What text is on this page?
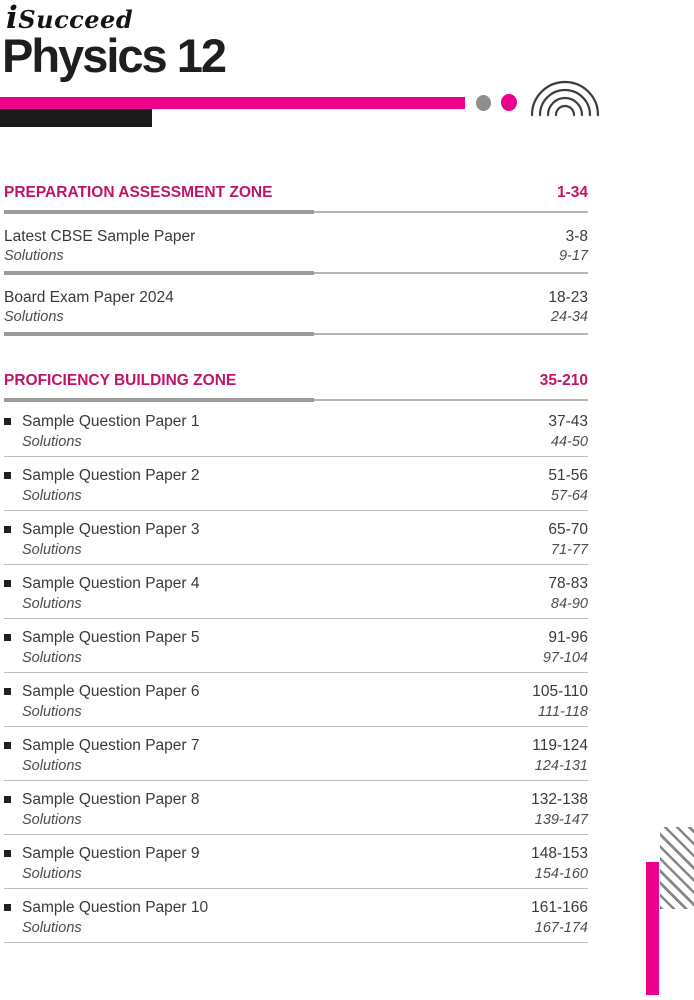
iSucceed
Physics 12
PREPARATION ASSESSMENT ZONE	1-34
Latest CBSE Sample Paper	3-8
Solutions	9-17
Board Exam Paper 2024	18-23
Solutions	24-34
PROFICIENCY BUILDING ZONE	35-210
Sample Question Paper 1	37-43
Solutions	44-50
Sample Question Paper 2	51-56
Solutions	57-64
Sample Question Paper 3	65-70
Solutions	71-77
Sample Question Paper 4	78-83
Solutions	84-90
Sample Question Paper 5	91-96
Solutions	97-104
Sample Question Paper 6	105-110
Solutions	111-118
Sample Question Paper 7	119-124
Solutions	124-131
Sample Question Paper 8	132-138
Solutions	139-147
Sample Question Paper 9	148-153
Solutions	154-160
Sample Question Paper 10	161-166
Solutions	167-174
